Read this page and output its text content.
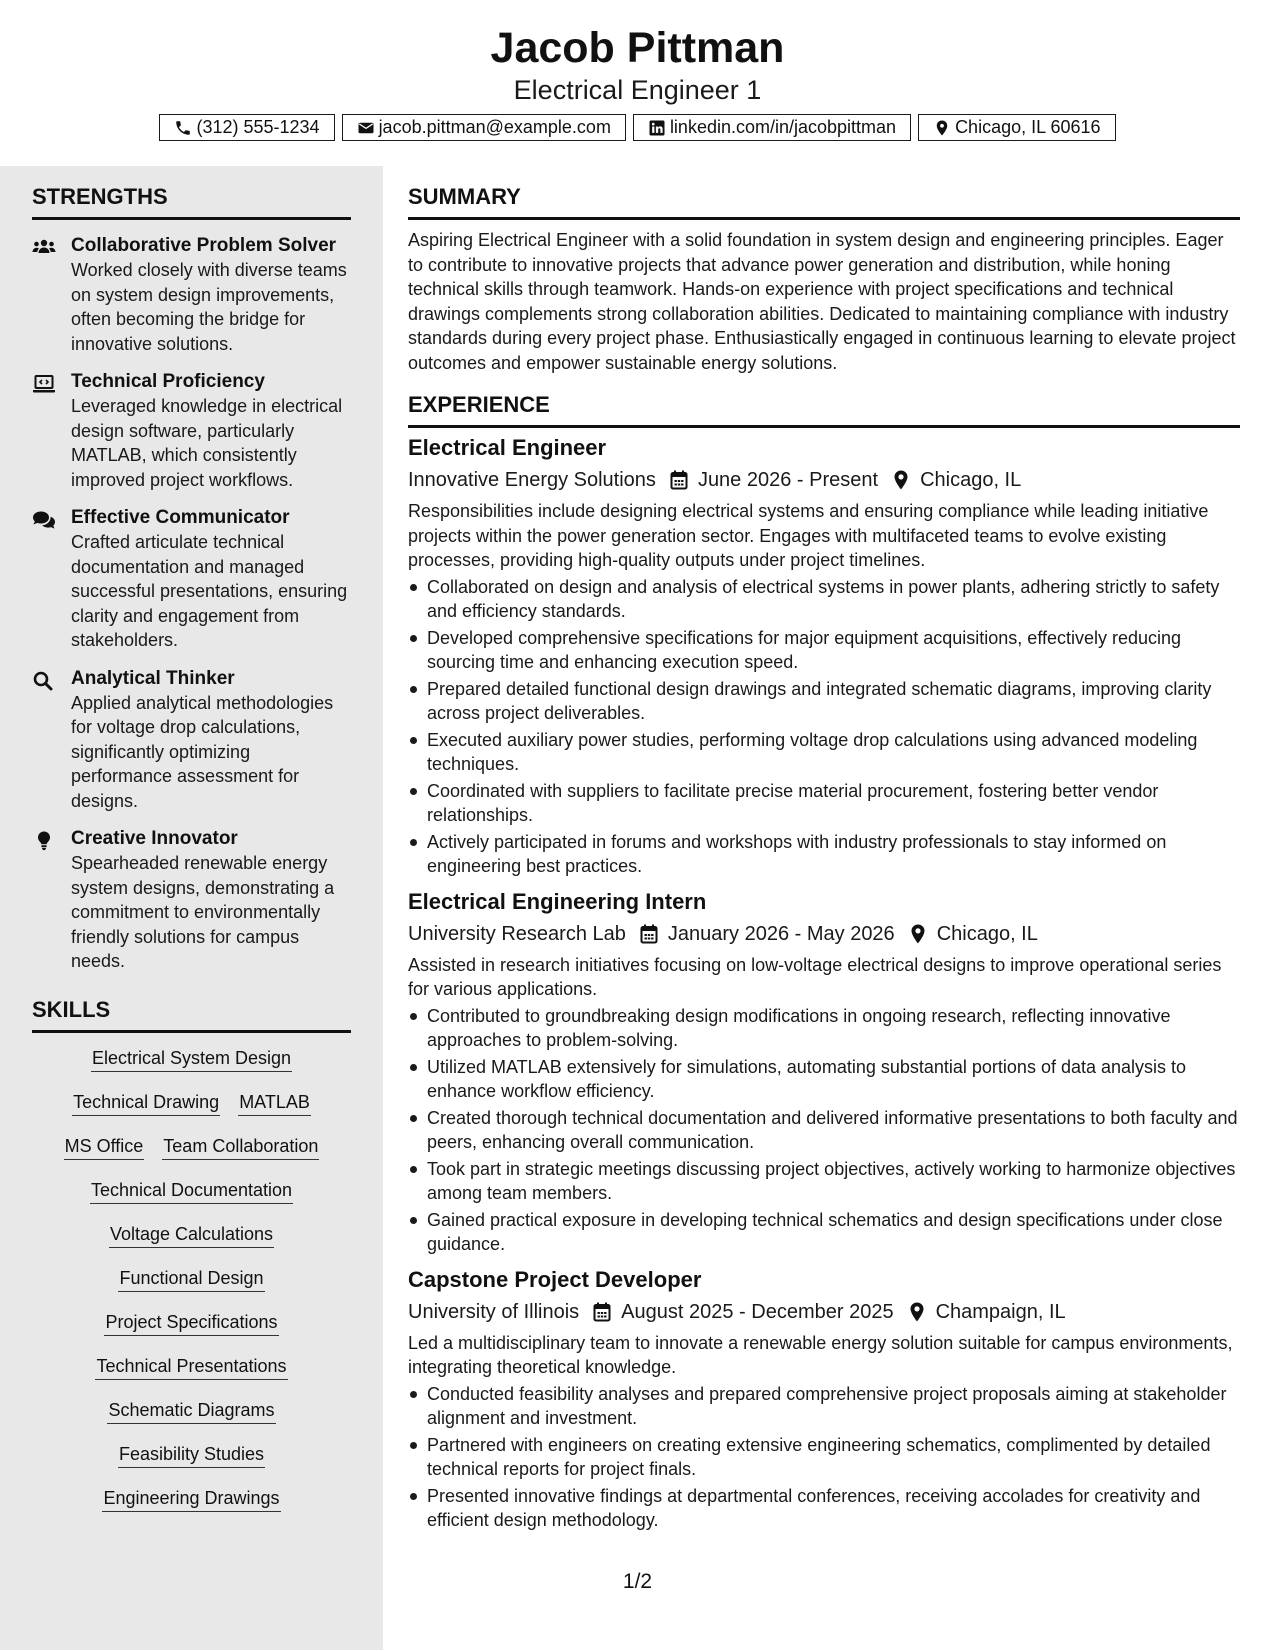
Jacob Pittman
Electrical Engineer 1
(312) 555-1234	jacob.pittman@example.com	linkedin.com/in/jacobpittman	Chicago, IL 60616
STRENGTHS
Collaborative Problem Solver
Worked closely with diverse teams on system design improvements, often becoming the bridge for innovative solutions.
Technical Proficiency
Leveraged knowledge in electrical design software, particularly MATLAB, which consistently improved project workflows.
Effective Communicator
Crafted articulate technical documentation and managed successful presentations, ensuring clarity and engagement from stakeholders.
Analytical Thinker
Applied analytical methodologies for voltage drop calculations, significantly optimizing performance assessment for designs.
Creative Innovator
Spearheaded renewable energy system designs, demonstrating a commitment to environmentally friendly solutions for campus needs.
SKILLS
Electrical System Design
Technical Drawing MATLAB
MS Office Team Collaboration
Technical Documentation
Voltage Calculations
Functional Design
Project Specifications
Technical Presentations
Schematic Diagrams
Feasibility Studies
Engineering Drawings
SUMMARY
Aspiring Electrical Engineer with a solid foundation in system design and engineering principles. Eager to contribute to innovative projects that advance power generation and distribution, while honing technical skills through teamwork. Hands-on experience with project specifications and technical drawings complements strong collaboration abilities. Dedicated to maintaining compliance with industry standards during every project phase. Enthusiastically engaged in continuous learning to elevate project outcomes and empower sustainable energy solutions.
EXPERIENCE
Electrical Engineer
Innovative Energy Solutions June 2026 - Present Chicago, IL
Responsibilities include designing electrical systems and ensuring compliance while leading initiative projects within the power generation sector. Engages with multifaceted teams to evolve existing processes, providing high-quality outputs under project timelines.
Collaborated on design and analysis of electrical systems in power plants, adhering strictly to safety and efficiency standards.
Developed comprehensive specifications for major equipment acquisitions, effectively reducing sourcing time and enhancing execution speed.
Prepared detailed functional design drawings and integrated schematic diagrams, improving clarity across project deliverables.
Executed auxiliary power studies, performing voltage drop calculations using advanced modeling techniques.
Coordinated with suppliers to facilitate precise material procurement, fostering better vendor relationships.
Actively participated in forums and workshops with industry professionals to stay informed on engineering best practices.
Electrical Engineering Intern
University Research Lab January 2026 - May 2026 Chicago, IL
Assisted in research initiatives focusing on low-voltage electrical designs to improve operational series for various applications.
Contributed to groundbreaking design modifications in ongoing research, reflecting innovative approaches to problem-solving.
Utilized MATLAB extensively for simulations, automating substantial portions of data analysis to enhance workflow efficiency.
Created thorough technical documentation and delivered informative presentations to both faculty and peers, enhancing overall communication.
Took part in strategic meetings discussing project objectives, actively working to harmonize objectives among team members.
Gained practical exposure in developing technical schematics and design specifications under close guidance.
Capstone Project Developer
University of Illinois August 2025 - December 2025 Champaign, IL
Led a multidisciplinary team to innovate a renewable energy solution suitable for campus environments, integrating theoretical knowledge.
Conducted feasibility analyses and prepared comprehensive project proposals aiming at stakeholder alignment and investment.
Partnered with engineers on creating extensive engineering schematics, complimented by detailed technical reports for project finals.
Presented innovative findings at departmental conferences, receiving accolades for creativity and efficient design methodology.
1/2
